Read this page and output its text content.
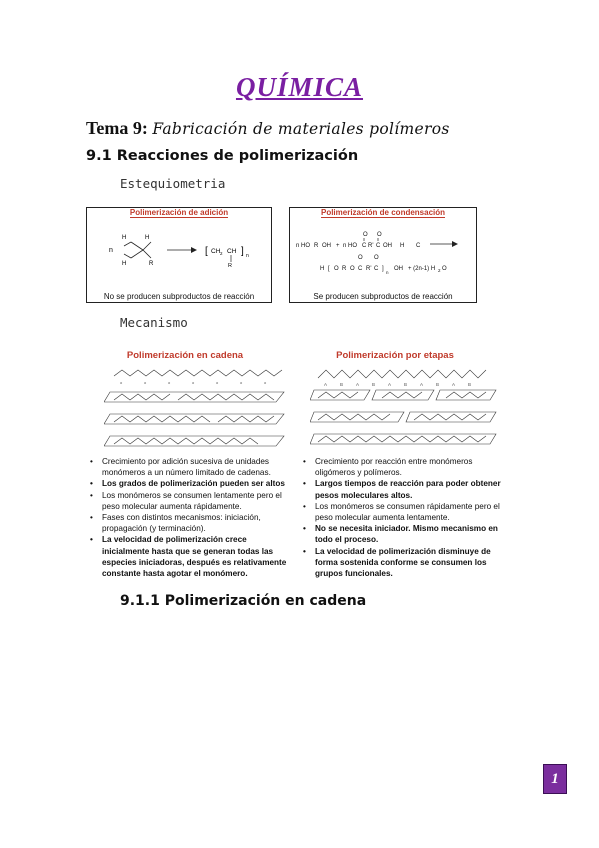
QUÍMICA
Tema 9: Fabricación de materiales polímeros
9.1 Reacciones de polimerización
Estequiometria
Polimerización de adición
n
H	H
H	R
[ CH 2 CH
R
] n
No se producen subproductos de reacción
Polimerización de condensación
n HO R OH + n HO C R' C OH
O O
H C
H [ O R O C R' C
O O
]
n
OH + (2n-1) H 2 O
Se producen subproductos de reacción
Mecanismo
Polimerización en cadena
o	o	o	o	o	o	o
Polimerización por etapas
A	B	A	B	A	B	A	B	A	B
• Crecimiento por adición sucesiva de unidades monómeros a un número limitado de cadenas.
• Los grados de polimerización pueden ser altos
• Los monómeros se consumen lentamente pero el peso molecular aumenta rápidamente.
• Fases con distintos mecanismos: iniciación, propagación (y terminación).
• La velocidad de polimerización crece inicialmente hasta que se generan todas las especies iniciadoras, después es relativamente constante hasta agotar el monómero.
• Crecimiento por reacción entre monómeros oligómeros y polímeros.
• Largos tiempos de reacción para poder obtener pesos moleculares altos.
• Los monómeros se consumen rápidamente pero el peso molecular aumenta lentamente.
• No se necesita iniciador. Mismo mecanismo en todo el proceso.
• La velocidad de polimerización disminuye de forma sostenida conforme se consumen los grupos funcionales.
9.1.1 Polimerización en cadena
1
